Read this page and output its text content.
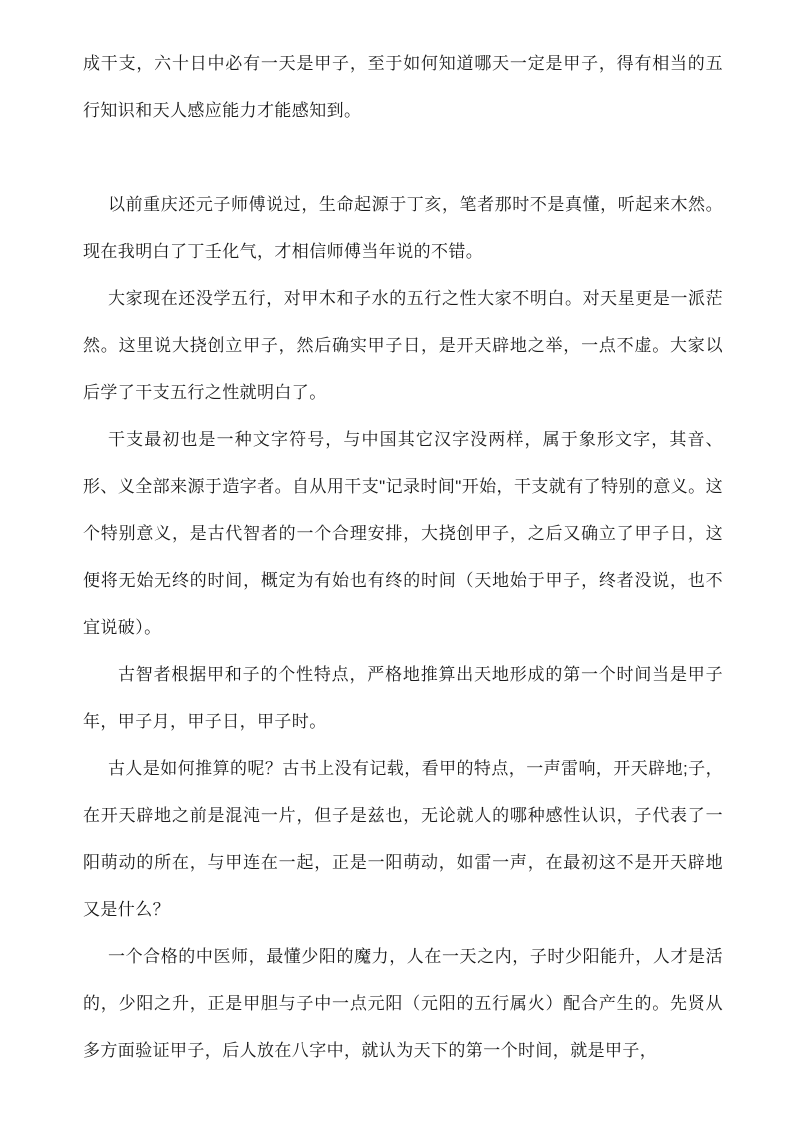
成干支，六十日中必有一天是甲子，至于如何知道哪天一定是甲子，得有相当的五行知识和天人感应能力才能感知到。

以前重庆还元子师傅说过，生命起源于丁亥，笔者那时不是真懂，听起来木然。现在我明白了丁壬化气，才相信师傅当年说的不错。

大家现在还没学五行，对甲木和子水的五行之性大家不明白。对天星更是一派茫然。这里说大挠创立甲子，然后确实甲子日，是开天辟地之举，一点不虚。大家以后学了干支五行之性就明白了。

干支最初也是一种文字符号，与中国其它汉字没两样，属于象形文字，其音、形、义全部来源于造字者。自从用干支"记录时间"开始，干支就有了特别的意义。这个特别意义，是古代智者的一个合理安排，大挠创甲子，之后又确立了甲子日，这便将无始无终的时间，概定为有始也有终的时间（天地始于甲子，终者没说，也不宜说破）。

古智者根据甲和子的个性特点，严格地推算出天地形成的第一个时间当是甲子年，甲子月，甲子日，甲子时。

古人是如何推算的呢？古书上没有记载，看甲的特点，一声雷响，开天辟地;子，在开天辟地之前是混沌一片，但子是兹也，无论就人的哪种感性认识，子代表了一阳萌动的所在，与甲连在一起，正是一阳萌动，如雷一声，在最初这不是开天辟地又是什么？

一个合格的中医师，最懂少阳的魔力，人在一天之内，子时少阳能升，人才是活的，少阳之升，正是甲胆与子中一点元阳（元阳的五行属火）配合产生的。先贤从多方面验证甲子，后人放在八字中，就认为天下的第一个时间，就是甲子，
